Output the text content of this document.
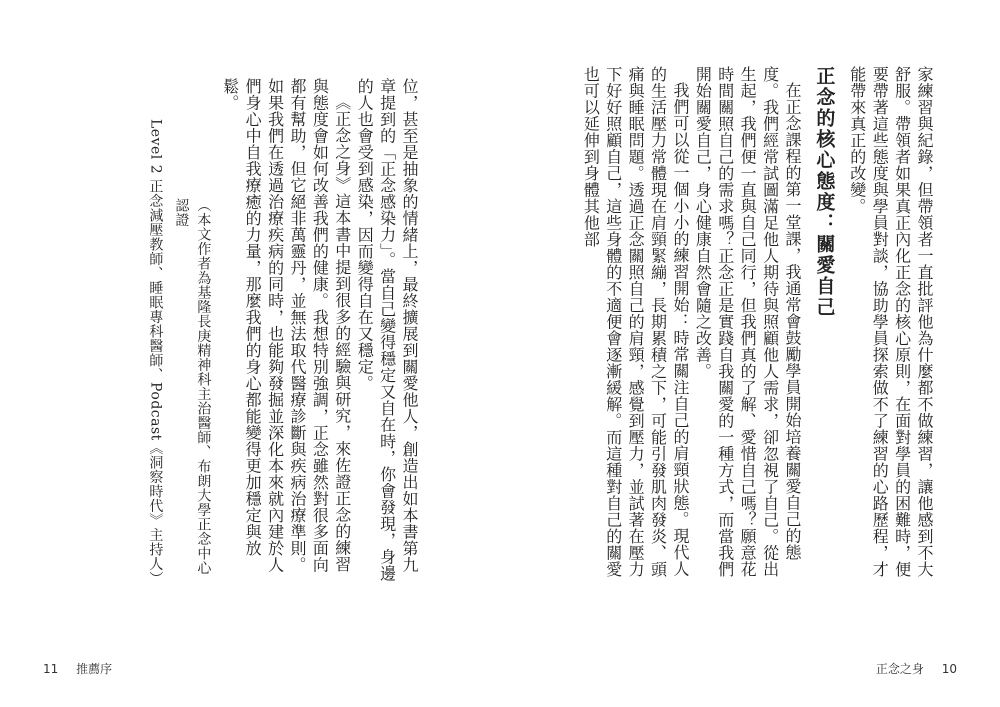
家練習與紀錄，但帶領者一直批評他為什麼都不做練習，讓他感到不大舒服。帶領者如果真正內化正念的核心原則，在面對學員的困難時，便要帶著這些態度與學員對談，協助學員探索做不了練習的心路歷程，才能帶來真正的改變。

正念的核心態度：關愛自己

在正念課程的第一堂課，我通常會鼓勵學員開始培養關愛自己的態度。我們經常試圖滿足他人期待與照顧他人需求，卻忽視了自己。從出生起，我們便一直與自己同行，但我們真的了解、愛惜自己嗎？願意花時間關照自己的需求嗎？正念正是實踐自我關愛的一種方式，而當我們開始關愛自己，身心健康自然會隨之改善。

我們可以從一個小小的練習開始：時常關注自己的肩頸狀態。現代人的生活壓力常體現在肩頸緊繃，長期累積之下，可能引發肌肉發炎、頭痛與睡眠問題。透過正念關照自己的肩頸，感覺到壓力，並試著在壓力下好好照顧自己，這些身體的不適便會逐漸緩解。而這種對自己的關愛也可以延伸到身體其他部

正念之身 10

位，甚至是抽象的情緒上，最終擴展到關愛他人，創造出如本書第九章提到的「正念感染力」。當自己變得穩定又自在時，你會發現，身邊的人也會受到感染，因而變得自在又穩定。

《正念之身》這本書中提到很多的經驗與研究，來佐證正念的練習與態度會如何改善我們的健康。我想特別強調，正念雖然對很多面向都有幫助，但它絕非萬靈丹，並無法取代醫療診斷與疾病治療準則。如果我們在透過治療疾病的同時，也能夠發掘並深化本來就內建於人們身心中自我療癒的力量，那麼我們的身心都能變得更加穩定與放鬆。

（本文作者為基隆長庚精神科主治醫師、布朗大學正念中心認證

Level 2 正念減壓教師、睡眠專科醫師、Podcast《洞察時代》主持人）

11 推薦序
